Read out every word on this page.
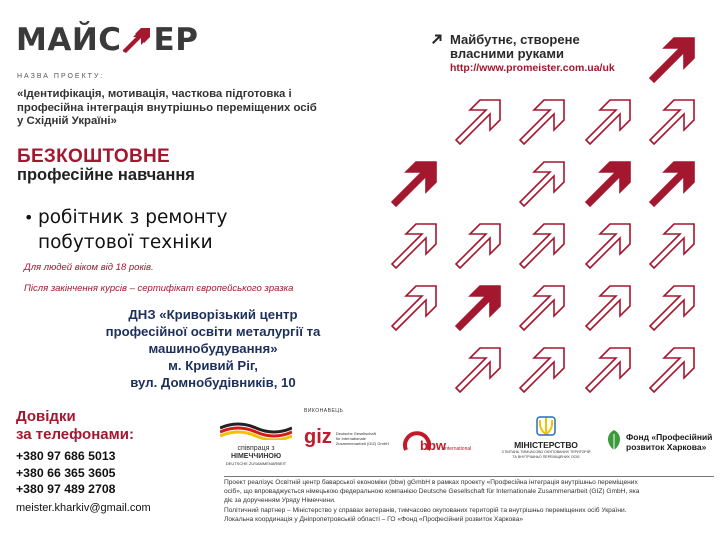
МАЙС ЕР
НАЗВА ПРОЕКТУ:
«Ідентифікація, мотивація, часткова підготовка і професійна інтеграція внутрішньо переміщених осіб у Східній Україні»
БЕЗКОШТОВНЕ
професійне навчання
• робітник з ремонту
побутової техніки
Для людей віком від 18 років.
Після закінчення курсів – сертифікат європейського зразка
ДНЗ «Криворізький центр
професійної освіти металургії та
машинобудування»
м. Кривий Ріг,
вул. Домнобудівників, 10
Довідки
за телефонами:
+380 97 686 5013
+380 66 365 3605
+380 97 489 2708
meister.kharkiv@gmail.com
Майбутнє, створене
власними руками
http://www.promeister.com.ua/uk
співпраця з
НІМЕЧЧИНОЮ
DEUTSCHE ZUSAMMENARBEIT
ВИКОНАВЕЦЬ
giz Deutsche Gesellschaft
für Internationale
Zusammenarbeit (GIZ) GmbH bbw
international	МІНІСТЕРСТВО
З ПИТАНЬ ТИМЧАСОВО ОКУПОВАНИХ ТЕРИТОРІЙ
ТА ВНУТРІШНЬО ПЕРЕМІЩЕНИХ ОСІБ
Фонд «Професійний
розвиток Харкова»
Проект реалізує Освітній центр баварської економіки (bbw) gGmbH в рамках проекту «Професійна інтеграція внутрішньо переміщених
осіб», що впроваджується німецькою федеральною компанією Deutsche Gesellschaft für Internationale Zusammenarbeit (GIZ) GmbH, яка
діє за дорученням Уряду Німеччини.
Політичний партнер – Міністерство у справах ветеранів, тимчасово окупованих територій та внутрішньо переміщених осіб України.
Локальна координація у Дніпропетровській області – ГО «Фонд «Професійний розвиток Харкова»
